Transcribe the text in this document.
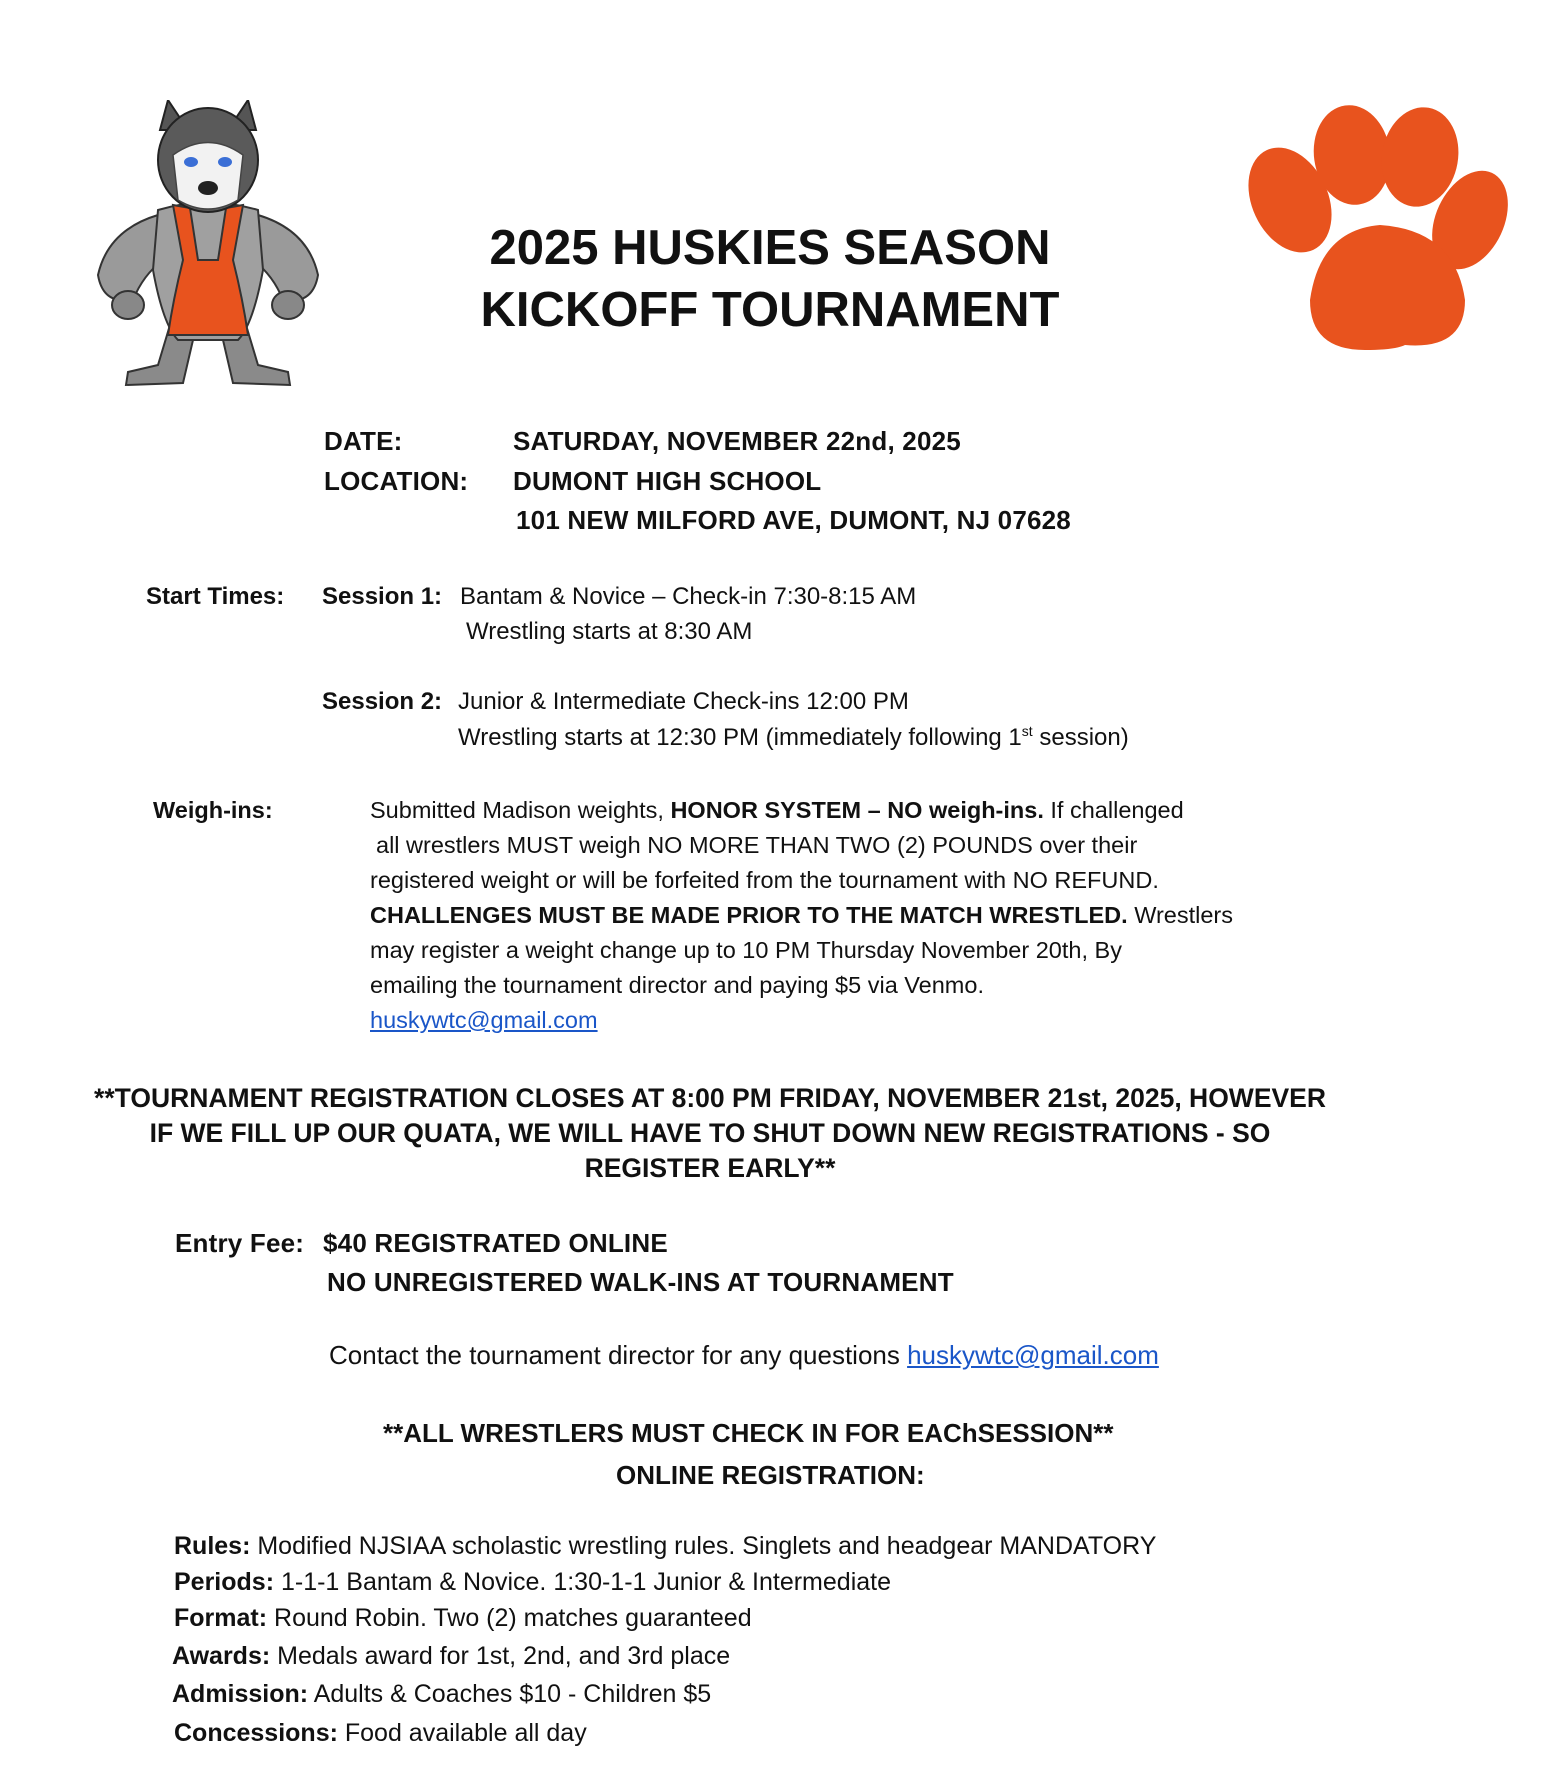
2025 HUSKIES SEASON
KICKOFF TOURNAMENT
DATE:	SATURDAY, NOVEMBER 22nd, 2025
LOCATION: DUMONT HIGH SCHOOL
101 NEW MILFORD AVE, DUMONT, NJ 07628
Start Times: Session 1: Bantam & Novice – Check-in 7:30-8:15 AM
Wrestling starts at 8:30 AM
Session 2: Junior & Intermediate Check-ins 12:00 PM
Wrestling starts at 12:30 PM (immediately following 1st session)
Weigh-ins:	Submitted Madison weights, HONOR SYSTEM – NO weigh-ins. If challenged
all wrestlers MUST weigh NO MORE THAN TWO (2) POUNDS over their
registered weight or will be forfeited from the tournament with NO REFUND.
CHALLENGES MUST BE MADE PRIOR TO THE MATCH WRESTLED. Wrestlers
may register a weight change up to 10 PM Thursday November 20th, By
emailing the tournament director and paying $5 via Venmo.
huskywtc@gmail.com
**TOURNAMENT REGISTRATION CLOSES AT 8:00 PM FRIDAY, NOVEMBER 21st, 2025, HOWEVER
IF WE FILL UP OUR QUATA, WE WILL HAVE TO SHUT DOWN NEW REGISTRATIONS - SO
REGISTER EARLY**
Entry Fee: $40 REGISTRATED ONLINE
NO UNREGISTERED WALK-INS AT TOURNAMENT
Contact the tournament director for any questions huskywtc@gmail.com
**ALL WRESTLERS MUST CHECK IN FOR EAChSESSION**
ONLINE REGISTRATION:
Rules: Modified NJSIAA scholastic wrestling rules. Singlets and headgear MANDATORY
Periods: 1-1-1 Bantam & Novice. 1:30-1-1 Junior & Intermediate
Format: Round Robin. Two (2) matches guaranteed
Awards: Medals award for 1st, 2nd, and 3rd place
Admission: Adults & Coaches $10 - Children $5
Concessions: Food available all day
